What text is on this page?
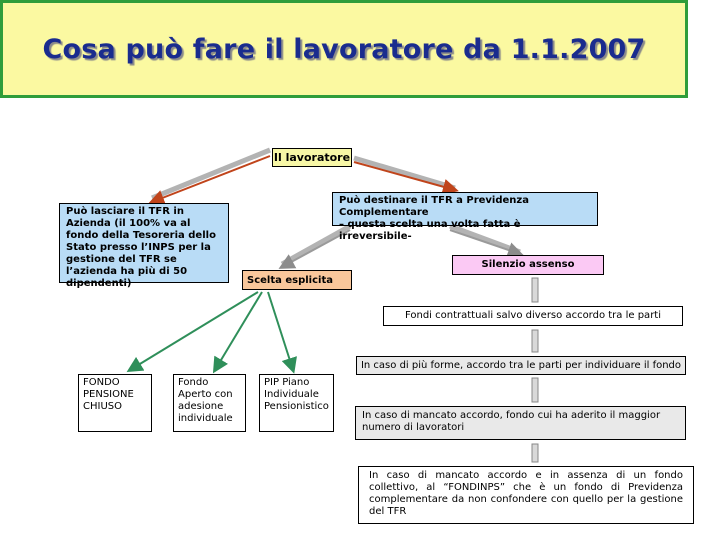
Cosa può fare il lavoratore da 1.1.2007
Il lavoratore
Può lasciare il TFR in Azienda (il 100% va al fondo della Tesoreria dello Stato presso l’INPS per la gestione del TFR se l’azienda ha più di 50 dipendenti)
Può destinare il TFR a Previdenza Complementare
– questa scelta una volta fatta è irreversibile-
Silenzio assenso
Scelta esplicita
Fondi contrattuali salvo diverso accordo tra le parti
In caso di più forme, accordo tra le parti per individuare il fondo
FONDO PENSIONE CHIUSO
Fondo Aperto con adesione individuale
PIP Piano Individuale Pensionistico
In caso di mancato accordo, fondo cui ha aderito il maggior numero di lavoratori
In caso di mancato accordo e in assenza di un fondo collettivo, al “FONDINPS” che è un fondo di Previdenza complementare da non confondere con quello per la gestione del TFR
